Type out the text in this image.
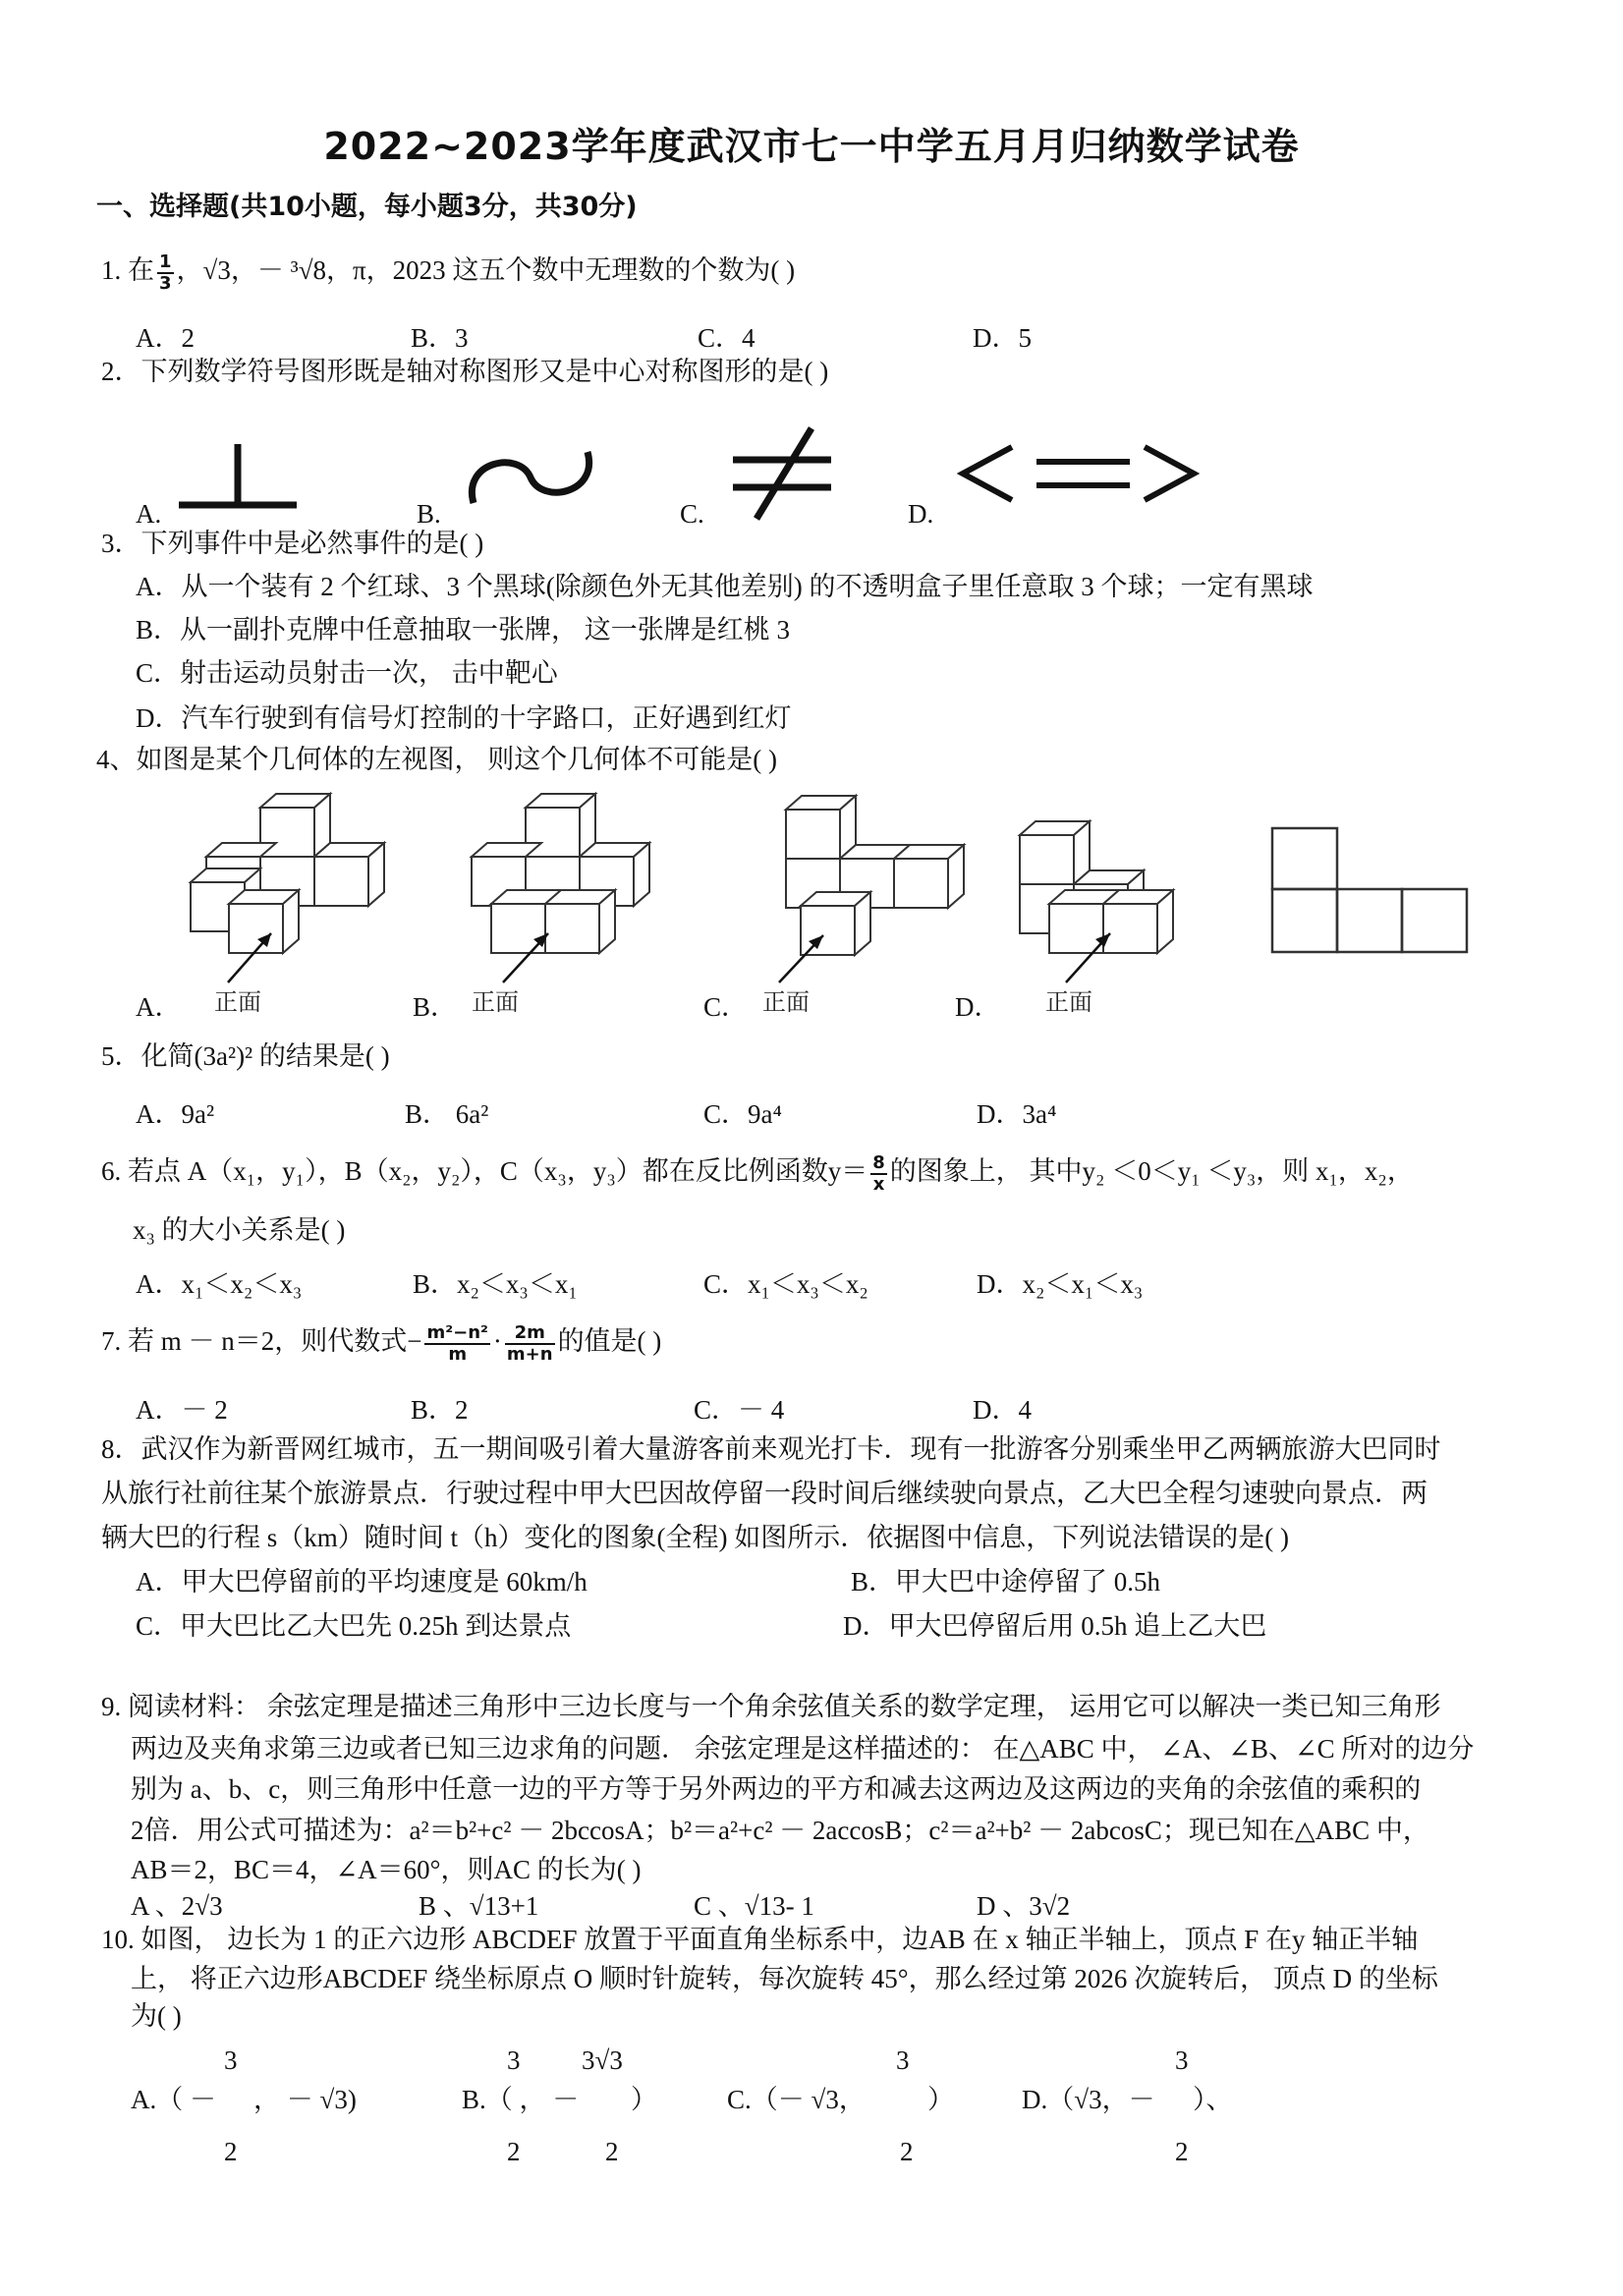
2022~2023学年度武汉市七一中学五月月归纳数学试卷
一、选择题(共10小题，每小题3分，共30分)
1. 在 $\frac{1}{3}$ ，√3，－ ³√8，π，2023 这五个数中无理数的个数为( )
A．2	B．3	C．4	D．5
2．下列数学符号图形既是轴对称图形又是中心对称图形的是( )
A.	B.	C.	D.
3．下列事件中是必然事件的是( )
A．从一个装有 2 个红球、3 个黑球(除颜色外无其他差别) 的不透明盒子里任意取 3 个球；一定有黑球
B．从一副扑克牌中任意抽取一张牌， 这一张牌是红桃 3
C．射击运动员射击一次， 击中靶心
D．汽车行驶到有信号灯控制的十字路口，正好遇到红灯
4、如图是某个几何体的左视图， 则这个几何体不可能是( )
正面	正面	正面	正面
A．	B．	C．	D．
5．化简(3a²)² 的结果是( )
A．9a²	B． 6a²	C．9a⁴	D．3a⁴
6. 若点 A（x₁，y₁），B（x₂，y₂），C（x₃，y₃）都在反比例函数$y= \frac{8}{x}$ 的图象上， 其中y₂ ＜0＜y₁ ＜y₃，则 x₁，x₂，
x₃ 的大小关系是( )
A．x₁＜x₂＜x₃	B．x₂＜x₃＜x₁	C．x₁＜x₃＜x₂	D．x₂＜x₁＜x₃
7. 若 m － n＝2，则代数式− $\frac{\text{m²−n²}}{m} \cdot \frac{2m}{m+n}$ 的值是( )
A．－ 2	B．2	C．－ 4	D．4
8．武汉作为新晋网红城市，五一期间吸引着大量游客前来观光打卡．现有一批游客分别乘坐甲乙两辆旅游大巴同时
从旅行社前往某个旅游景点．行驶过程中甲大巴因故停留一段时间后继续驶向景点，乙大巴全程匀速驶向景点．两
辆大巴的行程 s（km）随时间 t（h）变化的图象(全程) 如图所示．依据图中信息，下列说法错误的是( )
A．甲大巴停留前的平均速度是 60km/h	B．甲大巴中途停留了 0.5h
C．甲大巴比乙大巴先 0.25h 到达景点	D．甲大巴停留后用 0.5h 追上乙大巴
9. 阅读材料： 余弦定理是描述三角形中三边长度与一个角余弦值关系的数学定理， 运用它可以解决一类已知三角形
两边及夹角求第三边或者已知三边求角的问题． 余弦定理是这样描述的： 在△ABC 中， ∠A、∠B、∠C 所对的边分
别为 a、b、c，则三角形中任意一边的平方等于另外两边的平方和减去这两边及这两边的夹角的余弦值的乘积的
2倍．用公式可描述为：a²＝b²+c² － 2bccosA；b²＝a²+c² － 2accosB；c²＝a²+b² － 2abcosC；现已知在△ABC 中，
AB＝2，BC＝4，∠A＝60°，则AC 的长为( )
A 、2√3	B 、√13+1	C 、√13- 1	D 、3√2
10. 如图， 边长为 1 的正六边形 ABCDEF 放置于平面直角坐标系中，边AB 在 x 轴正半轴上，顶点 F 在y 轴正半轴
上， 将正六边形ABCDEF 绕坐标原点 O 顺时针旋转，每次旋转 45°，那么经过第 2026 次旋转后， 顶点 D 的坐标
为( )
A.（ －
3
， － √3)
2
B.（ ， －
3 3√3
）
2	2
C.（－ √3，
3
）
2
D.（√3，－
3
）、
2
